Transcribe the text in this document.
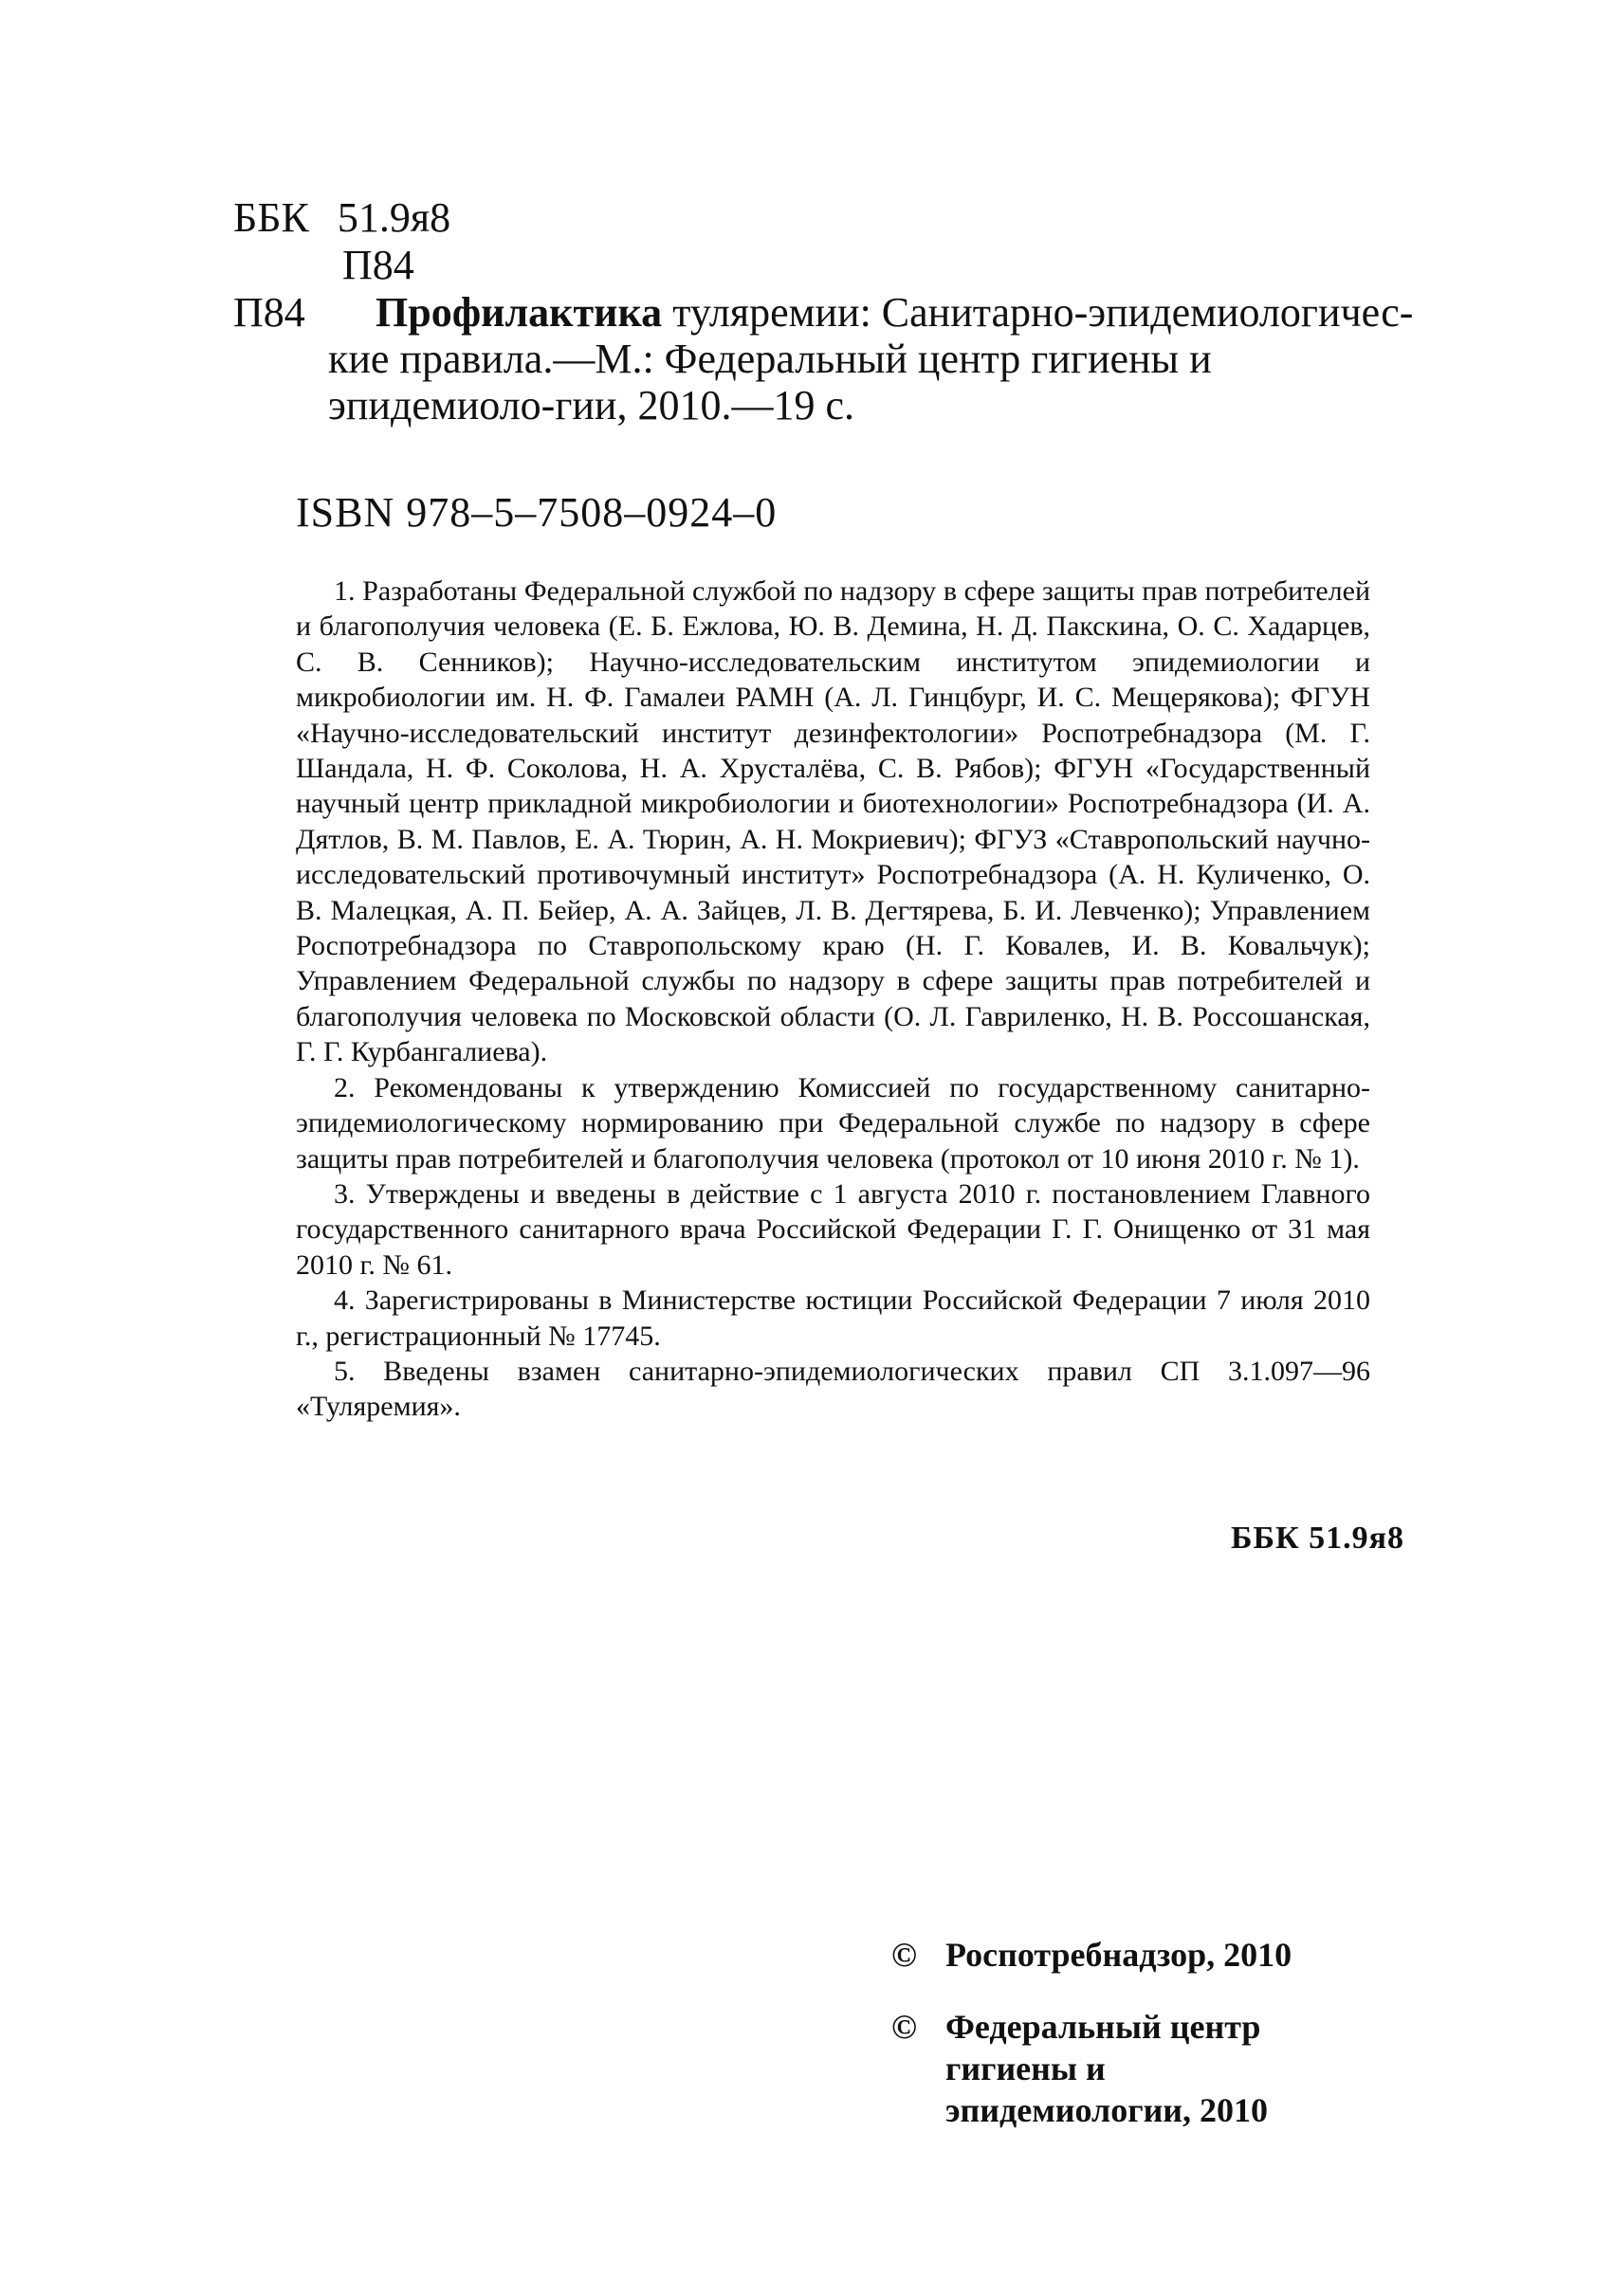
ББК 51.9я8
П84
П84	Профилактика туляремии: Санитарно-эпидемиологичес-
кие правила.—М.: Федеральный центр гигиены и эпидемиоло-гии, 2010.—19 с.
ISBN 978–5–7508–0924–0

1. Разработаны Федеральной службой по надзору в сфере защиты прав потребителей и благополучия человека (Е. Б. Ежлова, Ю. В. Демина, Н. Д. Пакскина, О. С. Хадарцев, С. В. Сенников); Научно-исследовательским институтом эпидемиологии и микробиологии им. Н. Ф. Гамалеи РАМН (А. Л. Гинцбург, И. С. Мещерякова); ФГУН «Научно-исследовательский институт дезинфектологии» Роспотребнадзора (М. Г. Шандала, Н. Ф. Соколова, Н. А. Хрусталёва, С. В. Рябов); ФГУН «Государственный научный центр прикладной микробиологии и биотехнологии» Роспотребнадзора (И. А. Дятлов, В. М. Павлов, Е. А. Тюрин, А. Н. Мокриевич); ФГУЗ «Ставропольский научно-исследовательский противочумный институт» Роспотребнадзора (А. Н. Куличенко, О. В. Малецкая, А. П. Бейер, А. А. Зайцев, Л. В. Дегтярева, Б. И. Левченко); Управлением Роспотребнадзора по Ставропольскому краю (Н. Г. Ковалев, И. В. Ковальчук); Управлением Федеральной службы по надзору в сфере защиты прав потребителей и благополучия человека по Московской области (О. Л. Гавриленко, Н. В. Россошанская, Г. Г. Курбангалиева).

2. Рекомендованы к утверждению Комиссией по государственному санитарно-эпидемиологическому нормированию при Федеральной службе по надзору в сфере защиты прав потребителей и благополучия человека (протокол от 10 июня 2010 г. № 1).

3. Утверждены и введены в действие с 1 августа 2010 г. постановлением Главного государственного санитарного врача Российской Федерации Г. Г. Онищенко от 31 мая 2010 г. № 61.

4. Зарегистрированы в Министерстве юстиции Российской Федерации 7 июля 2010 г., регистрационный № 17745.

5. Введены взамен санитарно-эпидемиологических правил СП 3.1.097—96 «Туляремия».

ББК 51.9я8
© Роспотребнадзор, 2010
© Федеральный центр гигиены и эпидемиологии, 2010
